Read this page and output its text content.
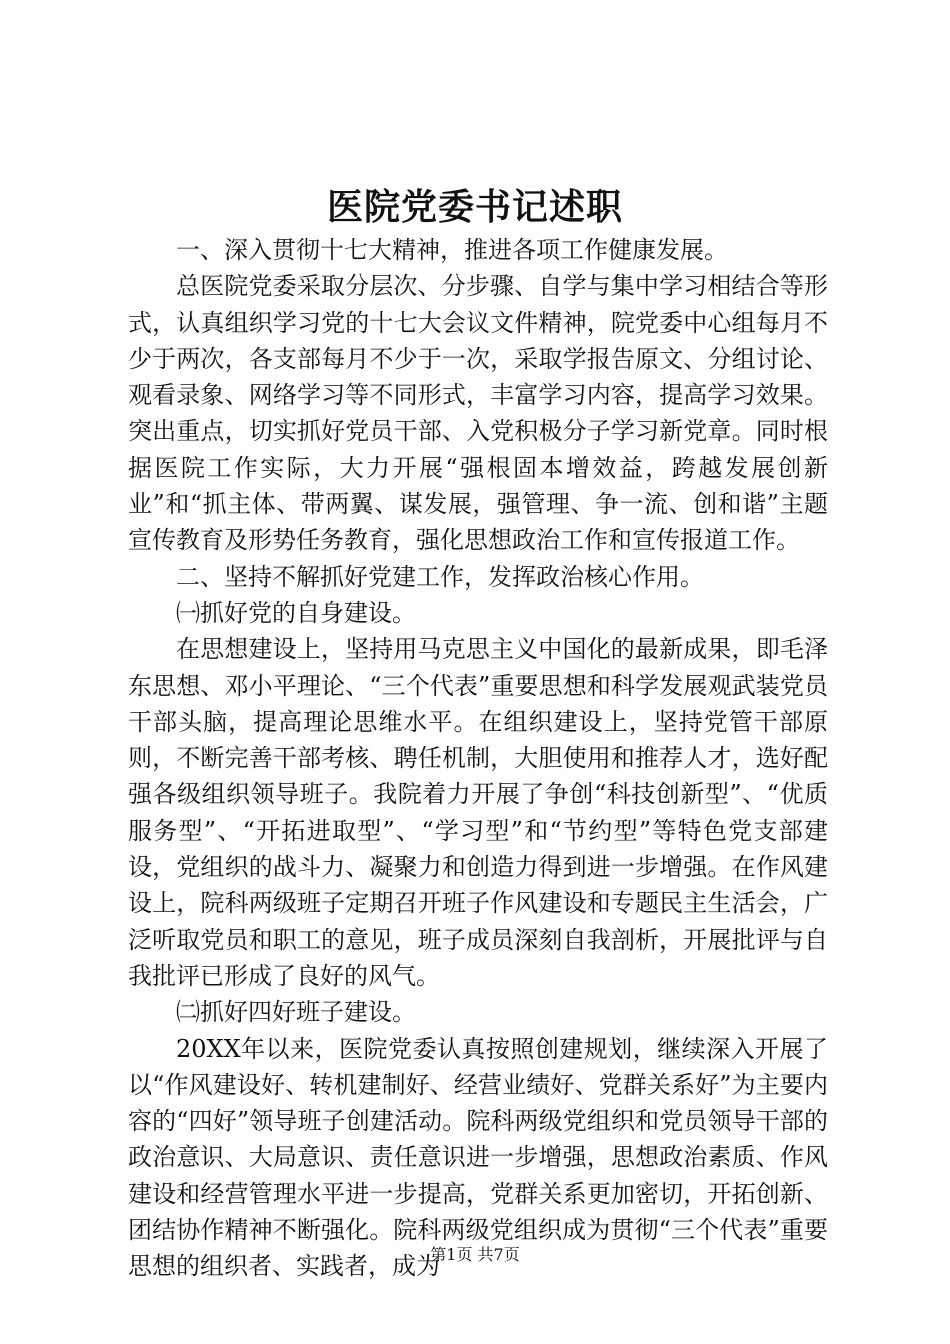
医院党委书记述职

一、深入贯彻十七大精神，推进各项工作健康发展。

总医院党委采取分层次、分步骤、自学与集中学习相结合等形式，认真组织学习党的十七大会议文件精神，院党委中心组每月不少于两次，各支部每月不少于一次，采取学报告原文、分组讨论、观看录象、网络学习等不同形式，丰富学习内容，提高学习效果。突出重点，切实抓好党员干部、入党积极分子学习新党章。同时根据医院工作实际，大力开展“强根固本增效益，跨越发展创新业”和“抓主体、带两翼、谋发展，强管理、争一流、创和谐”主题宣传教育及形势任务教育，强化思想政治工作和宣传报道工作。

二、坚持不解抓好党建工作，发挥政治核心作用。

㈠抓好党的自身建设。

在思想建设上，坚持用马克思主义中国化的最新成果，即毛泽东思想、邓小平理论、“三个代表”重要思想和科学发展观武装党员干部头脑，提高理论思维水平。在组织建设上，坚持党管干部原则，不断完善干部考核、聘任机制，大胆使用和推荐人才，选好配强各级组织领导班子。我院着力开展了争创“科技创新型”、“优质服务型”、“开拓进取型”、“学习型”和“节约型”等特色党支部建设，党组织的战斗力、凝聚力和创造力得到进一步增强。在作风建设上，院科两级班子定期召开班子作风建设和专题民主生活会，广泛听取党员和职工的意见，班子成员深刻自我剖析，开展批评与自我批评已形成了良好的风气。

㈡抓好四好班子建设。

20XX年以来，医院党委认真按照创建规划，继续深入开展了以“作风建设好、转机建制好、经营业绩好、党群关系好”为主要内容的“四好”领导班子创建活动。院科两级党组织和党员领导干部的政治意识、大局意识、责任意识进一步增强，思想政治素质、作风建设和经营管理水平进一步提高，党群关系更加密切，开拓创新、团结协作精神不断强化。院科两级党组织成为贯彻“三个代表”重要思想的组织者、实践者，成为

第1页 共7页
